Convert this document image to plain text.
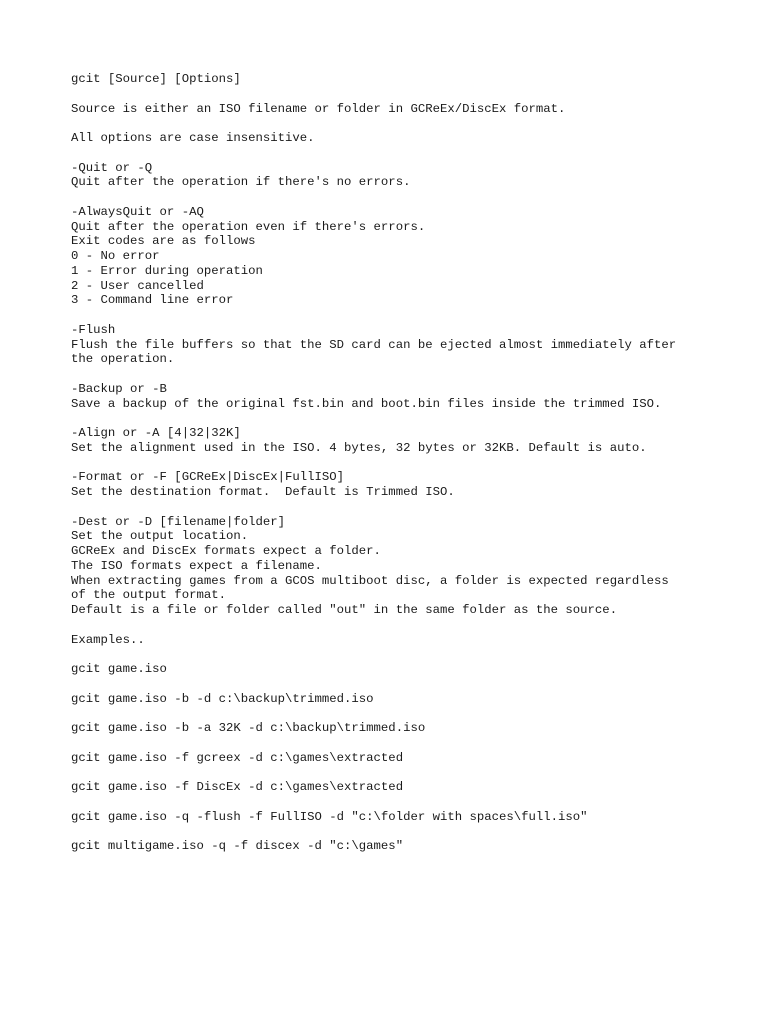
gcit [Source] [Options]
Source is either an ISO filename or folder in GCReEx/DiscEx format.
All options are case insensitive.
-Quit or -Q
Quit after the operation if there's no errors.
-AlwaysQuit or -AQ
Quit after the operation even if there's errors.
Exit codes are as follows
0 - No error
1 - Error during operation
2 - User cancelled
3 - Command line error
-Flush
Flush the file buffers so that the SD card can be ejected almost immediately after
the operation.
-Backup or -B
Save a backup of the original fst.bin and boot.bin files inside the trimmed ISO.
-Align or -A [4|32|32K]
Set the alignment used in the ISO. 4 bytes, 32 bytes or 32KB. Default is auto.
-Format or -F [GCReEx|DiscEx|FullISO]
Set the destination format.  Default is Trimmed ISO.
-Dest or -D [filename|folder]
Set the output location.
GCReEx and DiscEx formats expect a folder.
The ISO formats expect a filename.
When extracting games from a GCOS multiboot disc, a folder is expected regardless
of the output format.
Default is a file or folder called "out" in the same folder as the source.
Examples..
gcit game.iso
gcit game.iso -b -d c:\backup\trimmed.iso
gcit game.iso -b -a 32K -d c:\backup\trimmed.iso
gcit game.iso -f gcreex -d c:\games\extracted
gcit game.iso -f DiscEx -d c:\games\extracted
gcit game.iso -q -flush -f FullISO -d "c:\folder with spaces\full.iso"
gcit multigame.iso -q -f discex -d "c:\games"
